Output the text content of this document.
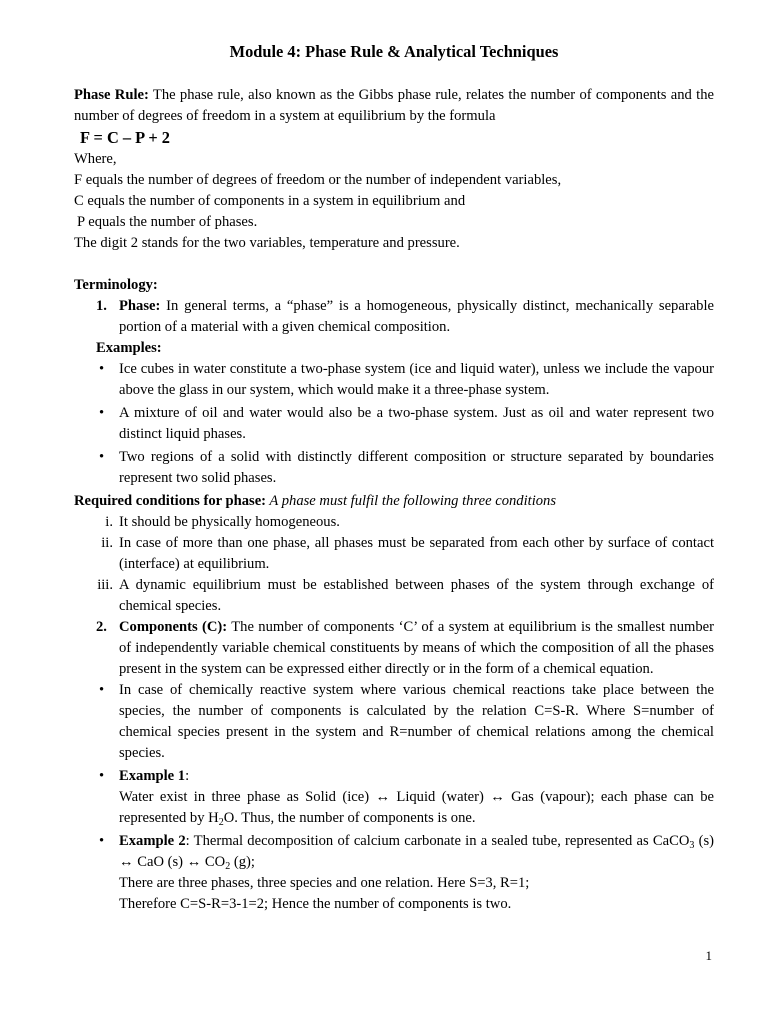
Module 4: Phase Rule & Analytical Techniques

Phase Rule: The phase rule, also known as the Gibbs phase rule, relates the number of components and the number of degrees of freedom in a system at equilibrium by the formula

F = C – P + 2

Where,

F equals the number of degrees of freedom or the number of independent variables,

C equals the number of components in a system in equilibrium and

P equals the number of phases.

The digit 2 stands for the two variables, temperature and pressure.

Terminology:

1. Phase: In general terms, a “phase” is a homogeneous, physically distinct, mechanically separable portion of a material with a given chemical composition.
Examples:
• Ice cubes in water constitute a two-phase system (ice and liquid water), unless we include the vapour above the glass in our system, which would make it a three-phase system.
• A mixture of oil and water would also be a two-phase system. Just as oil and water represent two distinct liquid phases.
• Two regions of a solid with distinctly different composition or structure separated by boundaries represent two solid phases.

Required conditions for phase: A phase must fulfil the following three conditions

i. It should be physically homogeneous.
ii. In case of more than one phase, all phases must be separated from each other by surface of contact (interface) at equilibrium.
iii. A dynamic equilibrium must be established between phases of the system through exchange of chemical species.
2. Components (C): The number of components ‘C’ of a system at equilibrium is the smallest number of independently variable chemical constituents by means of which the composition of all the phases present in the system can be expressed either directly or in the form of a chemical equation.
• In case of chemically reactive system where various chemical reactions take place between the species, the number of components is calculated by the relation C=S-R. Where S=number of chemical species present in the system and R=number of chemical relations among the chemical species.
• Example 1:
Water exist in three phase as Solid (ice) ↔ Liquid (water) ↔ Gas (vapour); each phase can be represented by $H_2O$. Thus, the number of components is one.
• Example 2: Thermal decomposition of calcium carbonate in a sealed tube, represented as CaCO$_3$ (s) ↔ CaO (s) ↔ $CO_2$ (g);
There are three phases, three species and one relation. Here S=3, R=1;
Therefore C=S-R=3-1=2; Hence the number of components is two.
1
